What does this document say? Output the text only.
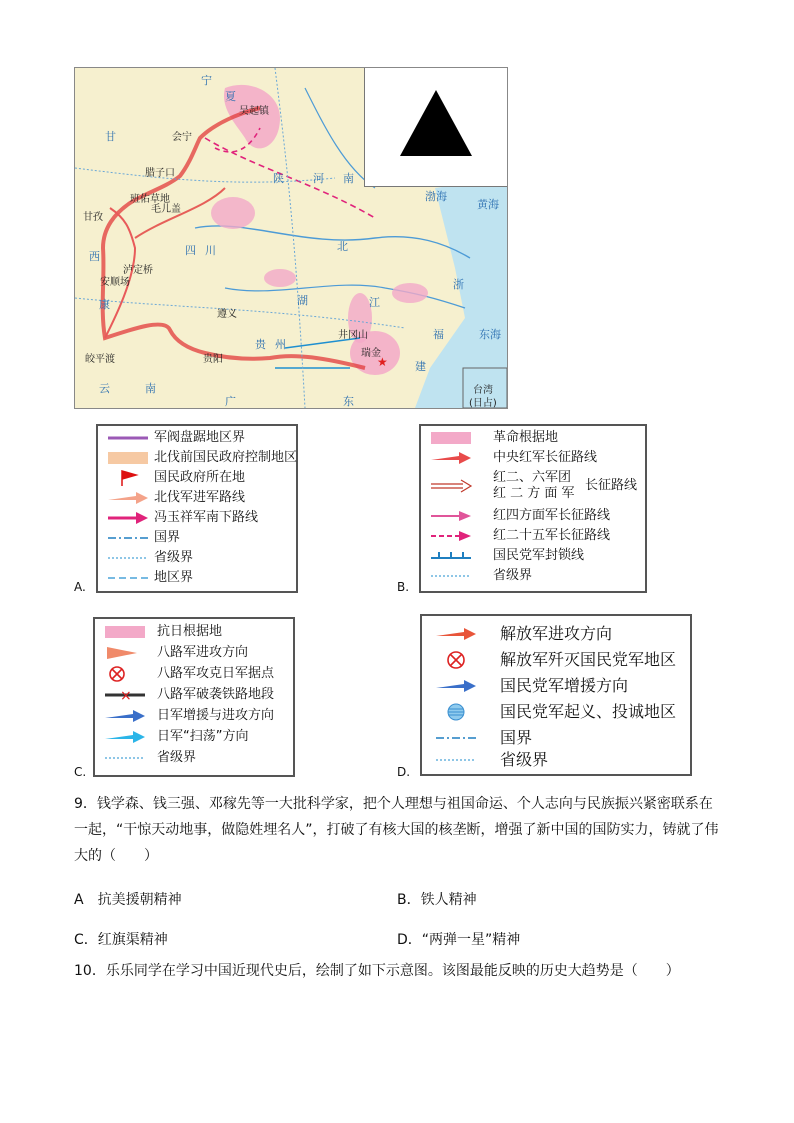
★
吴起镇
会宁
腊子口
班佑草地
毛儿盖
甘孜
泸定桥
安顺场
遵义
贵阳
井冈山
瑞金
皎平渡
台湾
(日占)
宁
夏
甘
陕	河 南
四 川
湖
北
西
康
云	南
贵 州
广	东
福
建
江
浙
渤海
黄海
东海
A.
军阀盘踞地区界
北伐前国民政府控制地区
国民政府所在地
北伐军进军路线
冯玉祥军南下路线
国界
省级界
地区界
B.
革命根据地
中央红军长征路线
红二、六军团
红 二 方 面 军
长征路线
红四方面军长征路线
红二十五军长征路线
国民党军封锁线
省级界
C.
抗日根据地
八路军进攻方向
八路军攻克日军据点
× 八路军破袭铁路地段
日军增援与进攻方向
日军“扫荡”方向
省级界
D.
解放军进攻方向
解放军歼灭国民党军地区
国民党军增援方向
国民党军起义、投诚地区
国界
省级界
9．钱学森、钱三强、邓稼先等一大批科学家，把个人理想与祖国命运、个人志向与民族振兴紧密联系在
一起，“干惊天动地事，做隐姓埋名人”，打破了有核大国的核垄断，增强了新中国的国防实力，铸就了伟
大的（　　）
A　抗美援朝精神	B．铁人精神
C．红旗渠精神	D．“两弹一星”精神
10．乐乐同学在学习中国近现代史后，绘制了如下示意图。该图最能反映的历史大趋势是（　　）
